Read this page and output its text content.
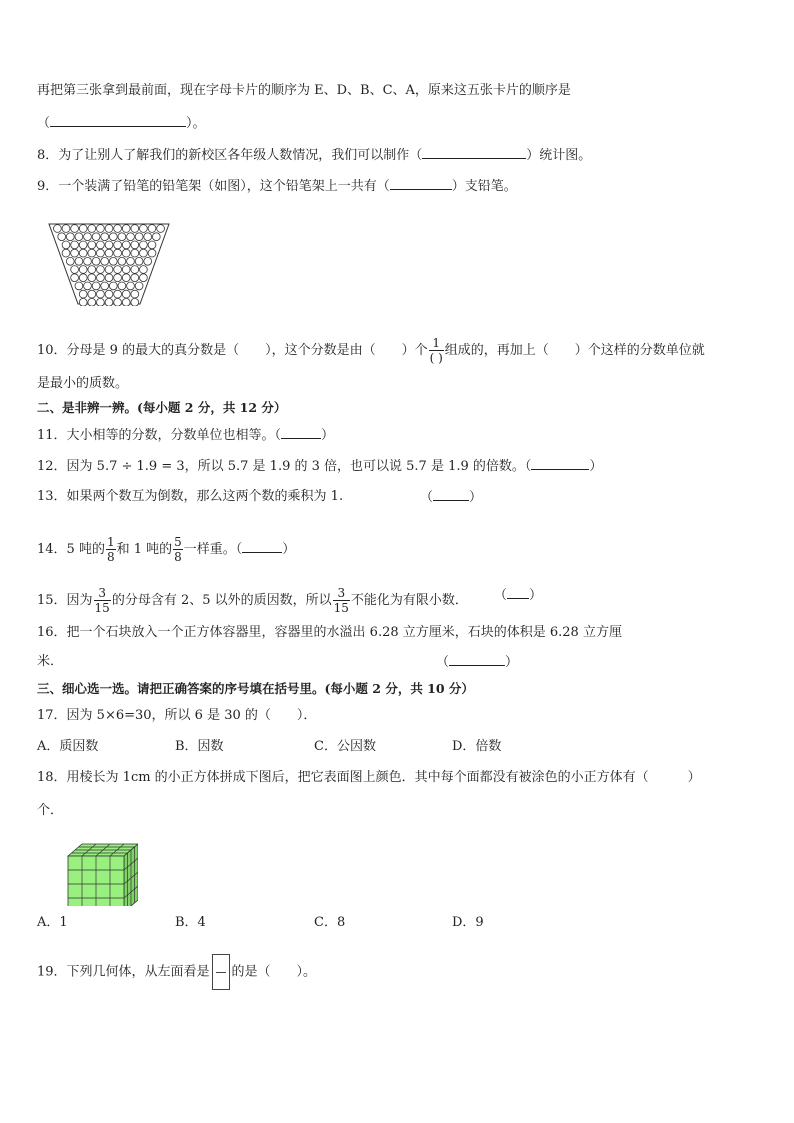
再把第三张拿到最前面，现在字母卡片的顺序为 E、D、B、C、A，原来这五张卡片的顺序是
（	）。
8．为了让别人了解我们的新校区各年级人数情况，我们可以制作（	）统计图。
9．一个装满了铅笔的铅笔架（如图），这个铅笔架上一共有（	）支铅笔。
10．分母是 9 的最大的真分数是（　　），这个分数是由（　　）个 $\frac{1}{( )}$ 组成的，再加上（　　）个这样的分数单位就
是最小的质数。
二、是非辨一辨。(每小题 2 分，共 12 分）
11．大小相等的分数，分数单位也相等。（	）
12．因为 5.7 ÷ 1.9 = 3，所以 5.7 是 1.9 的 3 倍，也可以说 5.7 是 1.9 的倍数。（	）
13．如果两个数互为倒数，那么这两个数的乘积为 1.	（	）
14．5 吨的 $\frac{1}{8}$ 和 1 吨的 $\frac{5}{8}$ 一样重。（	）
15．因为 $\frac{3}{15}$ 的分母含有 2、5 以外的质因数，所以 $\frac{3}{15}$ 不能化为有限小数． （ ）
16．把一个石块放入一个正方体容器里，容器里的水溢出 6.28 立方厘米，石块的体积是 6.28 立方厘
米．	（	）
三、细心选一选。请把正确答案的序号填在括号里。(每小题 2 分，共 10 分）
17．因为 5×6=30，所以 6 是 30 的（　　）．
A．质因数	B．因数	C．公因数	D．倍数
18．用棱长为 1cm 的小正方体拼成下图后，把它表面图上颜色．其中每个面都没有被涂色的小正方体有（　　　）
个．
A．1	B．4	C．8	D．9
19．下列几何体，从左面看是 的是（　　）。
